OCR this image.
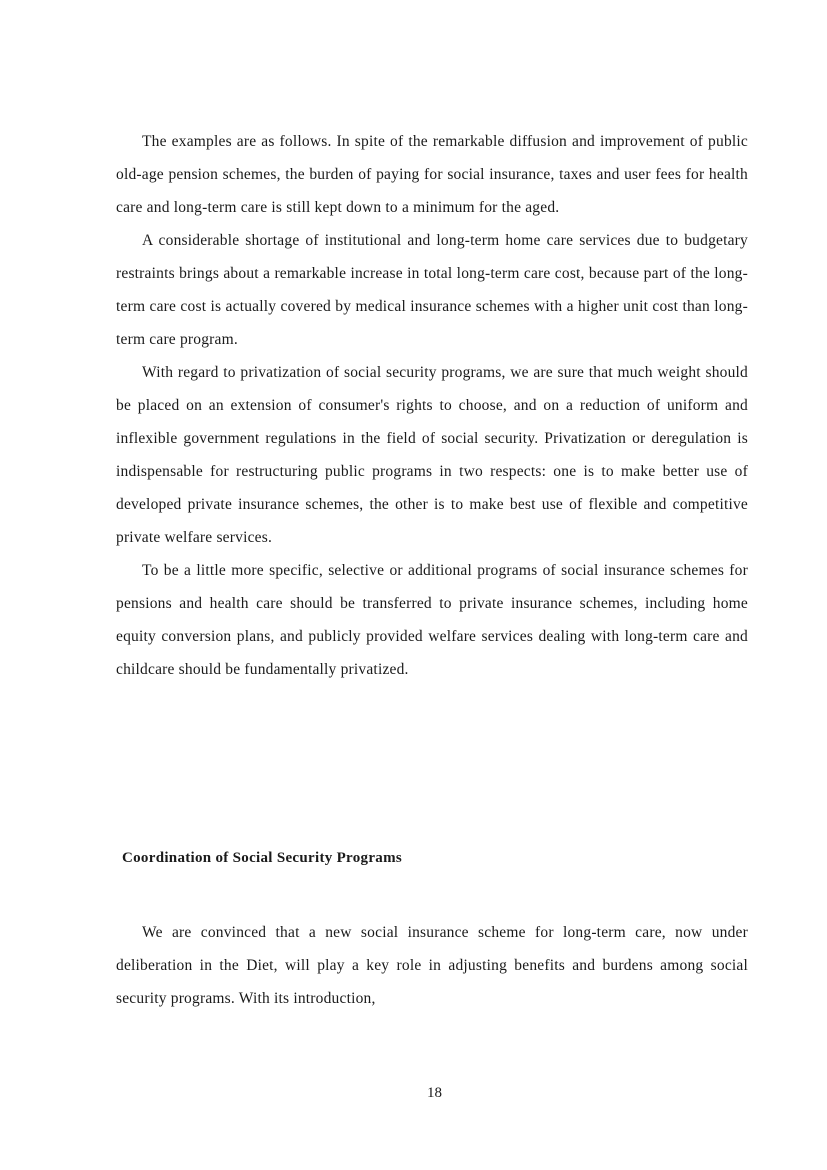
The examples are as follows. In spite of the remarkable diffusion and improvement of public old-age pension schemes, the burden of paying for social insurance, taxes and user fees for health care and long-term care is still kept down to a minimum for the aged.

A considerable shortage of institutional and long-term home care services due to budgetary restraints brings about a remarkable increase in total long-term care cost, because part of the long-term care cost is actually covered by medical insurance schemes with a higher unit cost than long-term care program.

With regard to privatization of social security programs, we are sure that much weight should be placed on an extension of consumer's rights to choose, and on a reduction of uniform and inflexible government regulations in the field of social security. Privatization or deregulation is indispensable for restructuring public programs in two respects: one is to make better use of developed private insurance schemes, the other is to make best use of flexible and competitive private welfare services.

To be a little more specific, selective or additional programs of social insurance schemes for pensions and health care should be transferred to private insurance schemes, including home equity conversion plans, and publicly provided welfare services dealing with long-term care and childcare should be fundamentally privatized.

Coordination of Social Security Programs

We are convinced that a new social insurance scheme for long-term care, now under deliberation in the Diet, will play a key role in adjusting benefits and burdens among social security programs. With its introduction,

18
